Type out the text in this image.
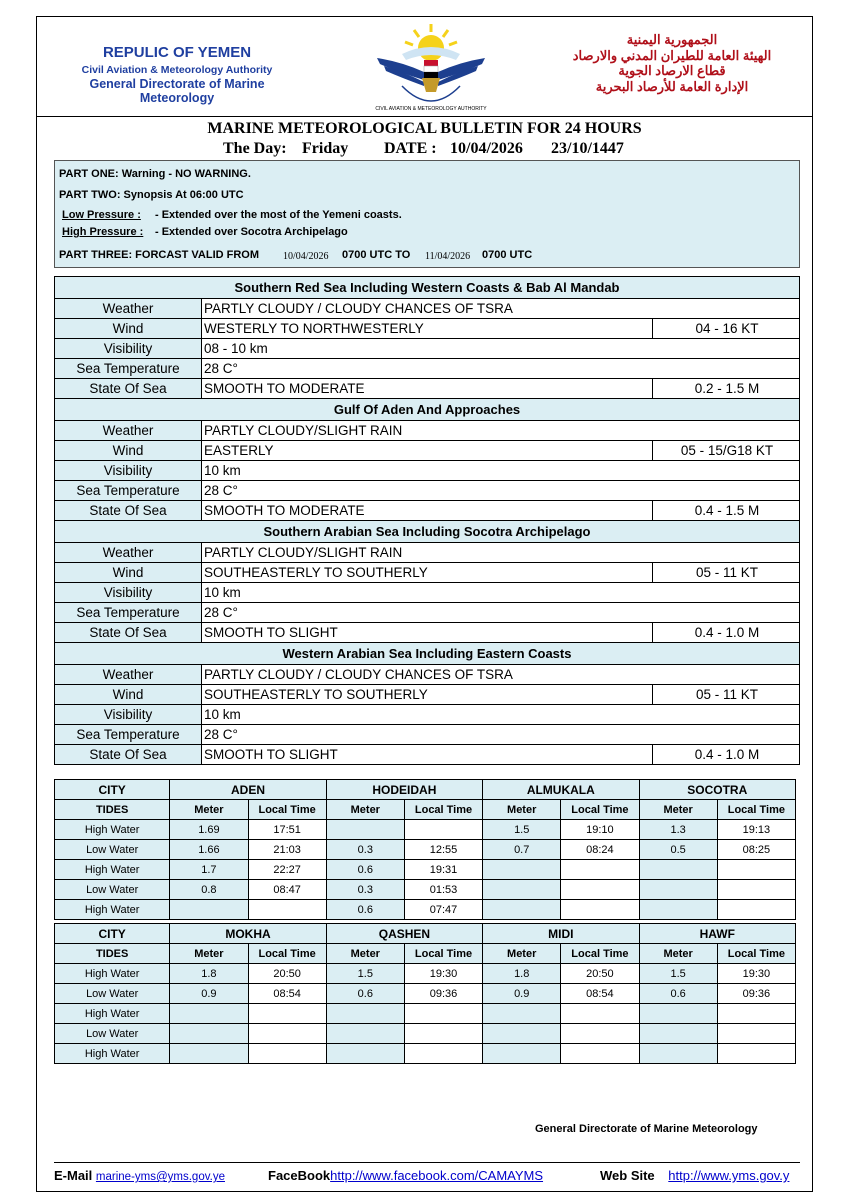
REPULIC OF YEMEN
Civil Aviation & Meteorology Authority
General Directorate of Marine Meteorology
CIVIL AVIATION & METEOROLOGY AUTHORITY
الجمهورية اليمنية
الهيئة العامة للطيران المدني والارصاد
قطاع الارصاد الجوية
الإدارة العامة للأرصاد البحرية
MARINE METEOROLOGICAL BULLETIN FOR 24 HOURS
The Day: Friday DATE : 10/04/2026 23/10/1447
PART ONE: Warning - NO WARNING.
PART TWO: Synopsis At 06:00 UTC
Low Pressure : - Extended over the most of the Yemeni coasts.
High Pressure : - Extended over Socotra Archipelago
PART THREE: FORCAST VALID FROM 10/04/2026 0700 UTC TO 11/04/2026 0700 UTC
Southern Red Sea Including Western Coasts & Bab Al Mandab		
Weather	PARTLY CLOUDY / CLOUDY CHANCES OF TSRA	
Wind	WESTERLY TO NORTHWESTERLY	04 - 16 KT
Visibility	08 - 10 km	
Sea Temperature	28 C°	
State Of Sea	SMOOTH TO MODERATE	0.2 - 1.5 M
Gulf Of Aden And Approaches		
Weather	PARTLY CLOUDY/SLIGHT RAIN	
Wind	EASTERLY	05 - 15/G18 KT
Visibility	10 km	
Sea Temperature	28 C°	
State Of Sea	SMOOTH TO MODERATE	0.4 - 1.5 M
Southern Arabian Sea Including Socotra Archipelago		
Weather	PARTLY CLOUDY/SLIGHT RAIN	
Wind	SOUTHEASTERLY TO SOUTHERLY	05 - 11 KT
Visibility	10 km	
Sea Temperature	28 C°	
State Of Sea	SMOOTH TO SLIGHT	0.4 - 1.0 M
Western Arabian Sea Including Eastern Coasts		
Weather	PARTLY CLOUDY / CLOUDY CHANCES OF TSRA	
Wind	SOUTHEASTERLY TO SOUTHERLY	05 - 11 KT
Visibility	10 km	
Sea Temperature	28 C°	
State Of Sea	SMOOTH TO SLIGHT	0.4 - 1.0 M
CITY	ADEN		HODEIDAH		ALMUKALA		SOCOTRA	
TIDES	Meter	Local Time	Meter	Local Time	Meter	Local Time	Meter	Local Time
High Water	1.69	17:51			1.5	19:10	1.3	19:13
Low Water	1.66	21:03	0.3	12:55	0.7	08:24	0.5	08:25
High Water	1.7	22:27	0.6	19:31				
Low Water	0.8	08:47	0.3	01:53				
High Water			0.6	07:47				
CITY	MOKHA		QASHEN		MIDI		HAWF	
TIDES	Meter	Local Time	Meter	Local Time	Meter	Local Time	Meter	Local Time
High Water	1.8	20:50	1.5	19:30	1.8	20:50	1.5	19:30
Low Water	0.9	08:54	0.6	09:36	0.9	08:54	0.6	09:36
High Water								
Low Water								
High Water								
General Directorate of Marine Meteorology
E-Mail marine-yms@yms.gov.ye	FaceBookhttp://www.facebook.com/CAMAYMS	Web Site http://www.yms.gov.y
